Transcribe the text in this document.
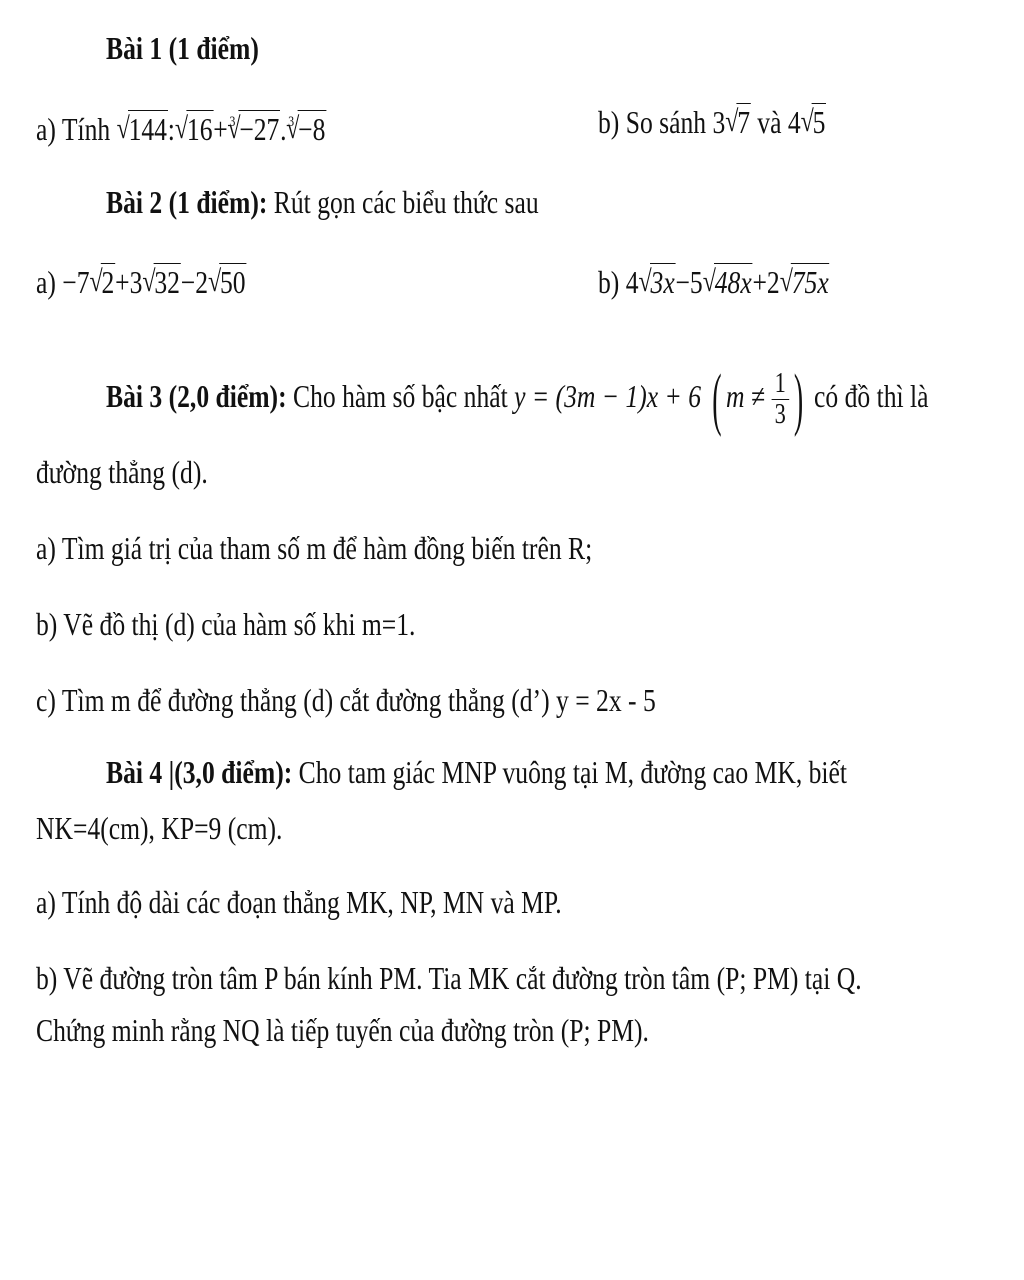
Bài 1 (1 điểm)
a) Tính √ 144: √ 16+ $^3$ √ −27. $^3$ √ −8	b) So sánh 3 √ 7 và 4 √ 5
Bài 2 (1 điểm): Rút gọn các biểu thức sau
a) −7 √ 2+3 √ 32−2 √ 50	b) 4 √ 3x−5 √ 48x+2 √ 75x
Bài 3 (2,0 điểm): Cho hàm số bậc nhất y = (3m − 1)x + 6 ( $m \ne \frac{1}{3}$ ) có đồ thì là
đường thẳng (d).
a) Tìm giá trị của tham số m để hàm đồng biến trên R;
b) Vẽ đồ thị (d) của hàm số khi m=1.
c) Tìm m để đường thẳng (d) cắt đường thẳng (d’) y = 2x - 5
Bài 4 |(3,0 điểm): Cho tam giác MNP vuông tại M, đường cao MK, biết
NK=4(cm), KP=9 (cm).
a) Tính độ dài các đoạn thẳng MK, NP, MN và MP.
b) Vẽ đường tròn tâm P bán kính PM. Tia MK cắt đường tròn tâm (P; PM) tại Q.
Chứng minh rằng NQ là tiếp tuyến của đường tròn (P; PM).
